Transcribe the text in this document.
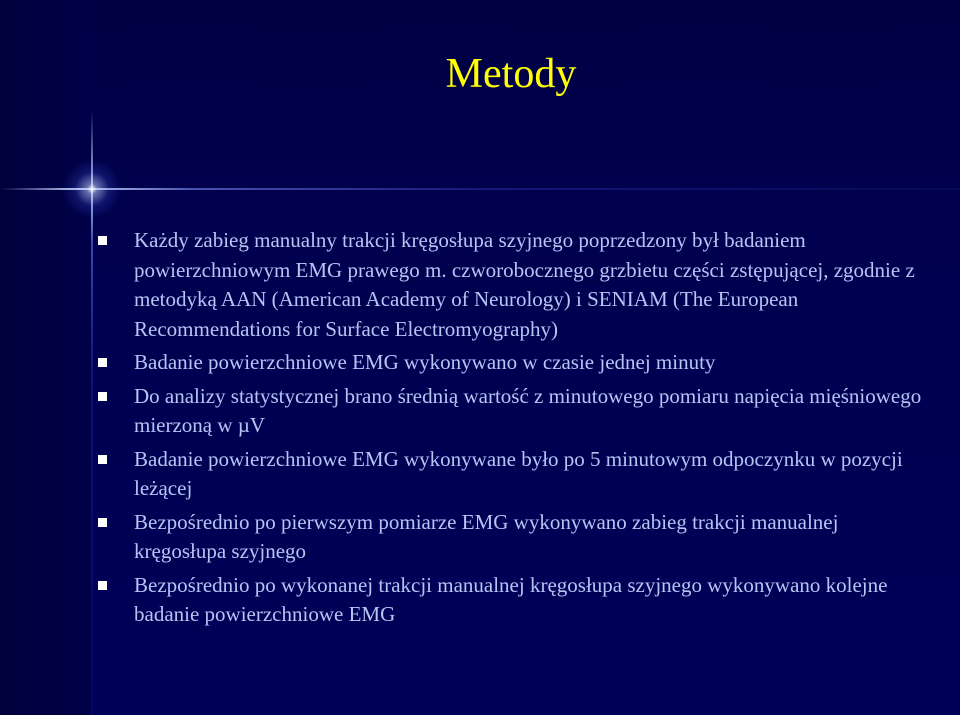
Metody
Każdy zabieg manualny trakcji kręgosłupa szyjnego poprzedzony był badaniem powierzchniowym EMG prawego m. czworobocznego grzbietu części zstępującej, zgodnie z metodyką AAN (American Academy of Neurology) i SENIAM (The European Recommendations for Surface Electromyography)
Badanie powierzchniowe EMG wykonywano w czasie jednej minuty
Do analizy statystycznej brano średnią wartość z minutowego pomiaru napięcia mięśniowego mierzoną w µV
Badanie powierzchniowe EMG wykonywane było po 5 minutowym odpoczynku w pozycji leżącej
Bezpośrednio po pierwszym pomiarze EMG wykonywano zabieg trakcji manualnej kręgosłupa szyjnego
Bezpośrednio po wykonanej trakcji manualnej kręgosłupa szyjnego wykonywano kolejne badanie powierzchniowe EMG
